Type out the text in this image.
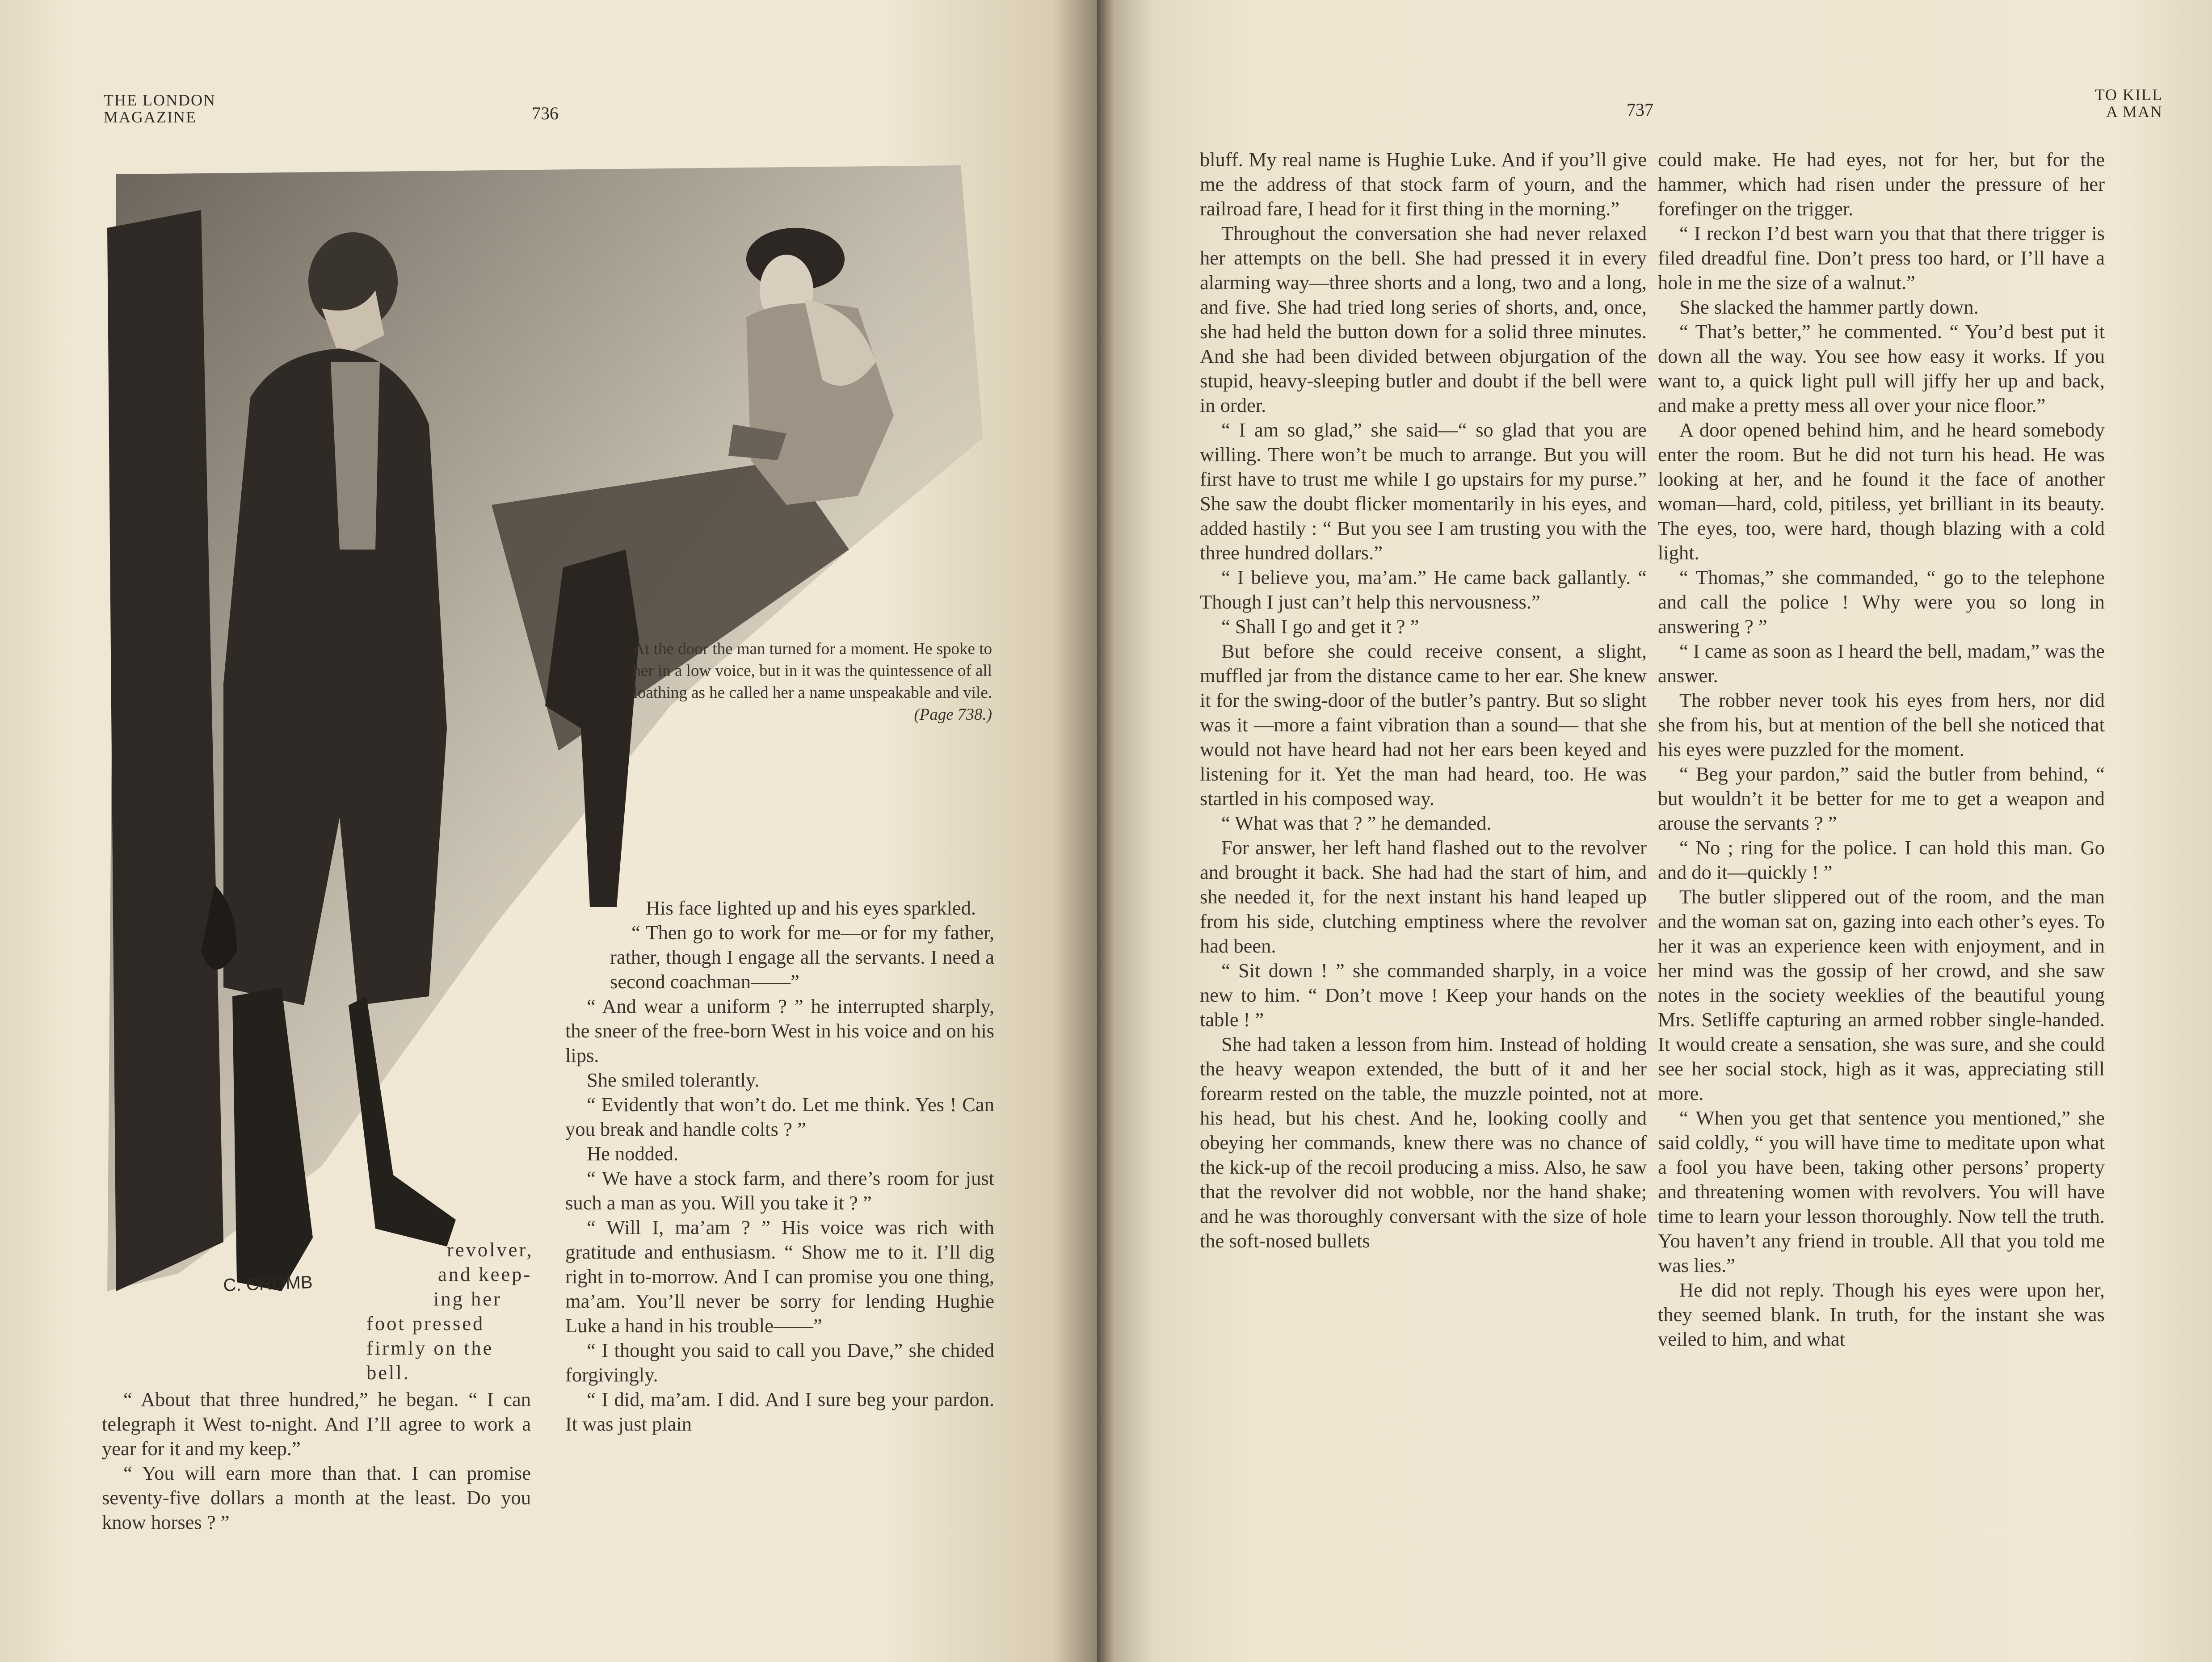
THE LONDON
MAGAZINE	736
C. CROMB
At the door the man turned for a moment. He spoke to her in a low voice, but in it was the quintessence of all loathing as he called her a name unspeakable and vile. (Page 738.)
revolver,
and keep-
ing her
foot pressed
firmly on the
bell.

“ About that three hundred,” he began. “ I can telegraph it West to-night. And I’ll agree to work a year for it and my keep.”

“ You will earn more than that. I can promise seventy-five dollars a month at the least. Do you know horses ? ”

His face lighted up and his eyes sparkled.

“ Then go to work for me—or for my father, rather, though I engage all the servants. I need a second coachman——”

“ And wear a uniform ? ” he interrupted sharply, the sneer of the free-born West in his voice and on his lips.

She smiled tolerantly.

“ Evidently that won’t do. Let me think. Yes ! Can you break and handle colts ? ”

He nodded.

“ We have a stock farm, and there’s room for just such a man as you. Will you take it ? ”

“ Will I, ma’am ? ” His voice was rich with gratitude and enthusiasm. “ Show me to it. I’ll dig right in to-morrow. And I can promise you one thing, ma’am. You’ll never be sorry for lending Hughie Luke a hand in his trouble——”

“ I thought you said to call you Dave,” she chided forgivingly.

“ I did, ma’am. I did. And I sure beg your pardon. It was just plain

737
TO KILL
A MAN

bluff. My real name is Hughie Luke. And if you’ll give me the address of that stock farm of yourn, and the railroad fare, I head for it first thing in the morning.”

Throughout the conversation she had never relaxed her attempts on the bell. She had pressed it in every alarming way—three shorts and a long, two and a long, and five. She had tried long series of shorts, and, once, she had held the button down for a solid three minutes. And she had been divided between objurgation of the stupid, heavy-sleeping butler and doubt if the bell were in order.

“ I am so glad,” she said—“ so glad that you are willing. There won’t be much to arrange. But you will first have to trust me while I go upstairs for my purse.” She saw the doubt flicker momentarily in his eyes, and added hastily : “ But you see I am trusting you with the three hundred dollars.”

“ I believe you, ma’am.” He came back gallantly. “ Though I just can’t help this nervousness.”

“ Shall I go and get it ? ”

But before she could receive consent, a slight, muffled jar from the distance came to her ear. She knew it for the swing-door of the butler’s pantry. But so slight was it —more a faint vibration than a sound— that she would not have heard had not her ears been keyed and listening for it. Yet the man had heard, too. He was startled in his composed way.

“ What was that ? ” he demanded.

For answer, her left hand flashed out to the revolver and brought it back. She had had the start of him, and she needed it, for the next instant his hand leaped up from his side, clutching emptiness where the revolver had been.

“ Sit down ! ” she commanded sharply, in a voice new to him. “ Don’t move ! Keep your hands on the table ! ”

She had taken a lesson from him. Instead of holding the heavy weapon extended, the butt of it and her forearm rested on the table, the muzzle pointed, not at his head, but his chest. And he, looking coolly and obeying her commands, knew there was no chance of the kick-up of the recoil producing a miss. Also, he saw that the revolver did not wobble, nor the hand shake; and he was thoroughly conversant with the size of hole the soft-nosed bullets

could make. He had eyes, not for her, but for the hammer, which had risen under the pressure of her forefinger on the trigger.

“ I reckon I’d best warn you that that there trigger is filed dreadful fine. Don’t press too hard, or I’ll have a hole in me the size of a walnut.”

She slacked the hammer partly down.

“ That’s better,” he commented. “ You’d best put it down all the way. You see how easy it works. If you want to, a quick light pull will jiffy her up and back, and make a pretty mess all over your nice floor.”

A door opened behind him, and he heard somebody enter the room. But he did not turn his head. He was looking at her, and he found it the face of another woman—hard, cold, pitiless, yet brilliant in its beauty. The eyes, too, were hard, though blazing with a cold light.

“ Thomas,” she commanded, “ go to the telephone and call the police ! Why were you so long in answering ? ”

“ I came as soon as I heard the bell, madam,” was the answer.

The robber never took his eyes from hers, nor did she from his, but at mention of the bell she noticed that his eyes were puzzled for the moment.

“ Beg your pardon,” said the butler from behind, “ but wouldn’t it be better for me to get a weapon and arouse the servants ? ”

“ No ; ring for the police. I can hold this man. Go and do it—quickly ! ”

The butler slippered out of the room, and the man and the woman sat on, gazing into each other’s eyes. To her it was an experience keen with enjoyment, and in her mind was the gossip of her crowd, and she saw notes in the society weeklies of the beautiful young Mrs. Setliffe capturing an armed robber single-handed. It would create a sensation, she was sure, and she could see her social stock, high as it was, appreciating still more.

“ When you get that sentence you mentioned,” she said coldly, “ you will have time to meditate upon what a fool you have been, taking other persons’ property and threatening women with revolvers. You will have time to learn your lesson thoroughly. Now tell the truth. You haven’t any friend in trouble. All that you told me was lies.”

He did not reply. Though his eyes were upon her, they seemed blank. In truth, for the instant she was veiled to him, and what
